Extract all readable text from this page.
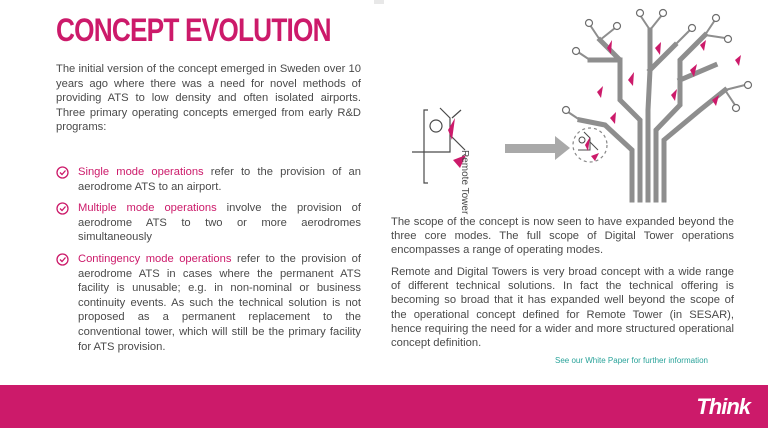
CONCEPT EVOLUTION
The initial version of the concept emerged in Sweden over 10 years ago where there was a need for novel methods of providing ATS to low density and often isolated airports. Three primary operating concepts emerged from early R&D programs:
Single mode operations refer to the provision of an aerodrome ATS to an airport.
Multiple mode operations involve the provision of aerodrome ATS to two or more aerodromes simultaneously
Contingency mode operations refer to the provision of aerodrome ATS in cases where the permanent ATS facility is unusable; e.g. in non-nominal or business continuity events. As such the technical solution is not proposed as a permanent replacement to the conventional tower, which will still be the primary facility for ATS provision.
Remote Tower
The scope of the concept is now seen to have expanded beyond the three core modes. The full scope of Digital Tower operations encompasses a range of operating modes.
Remote and Digital Towers is very broad concept with a wide range of different technical solutions. In fact the technical offering is becoming so broad that it has expanded well beyond the scope of the operational concept defined for Remote Tower (in SESAR), hence requiring the need for a wider and more structured operational concept definition.
See our White Paper for further information
Think
